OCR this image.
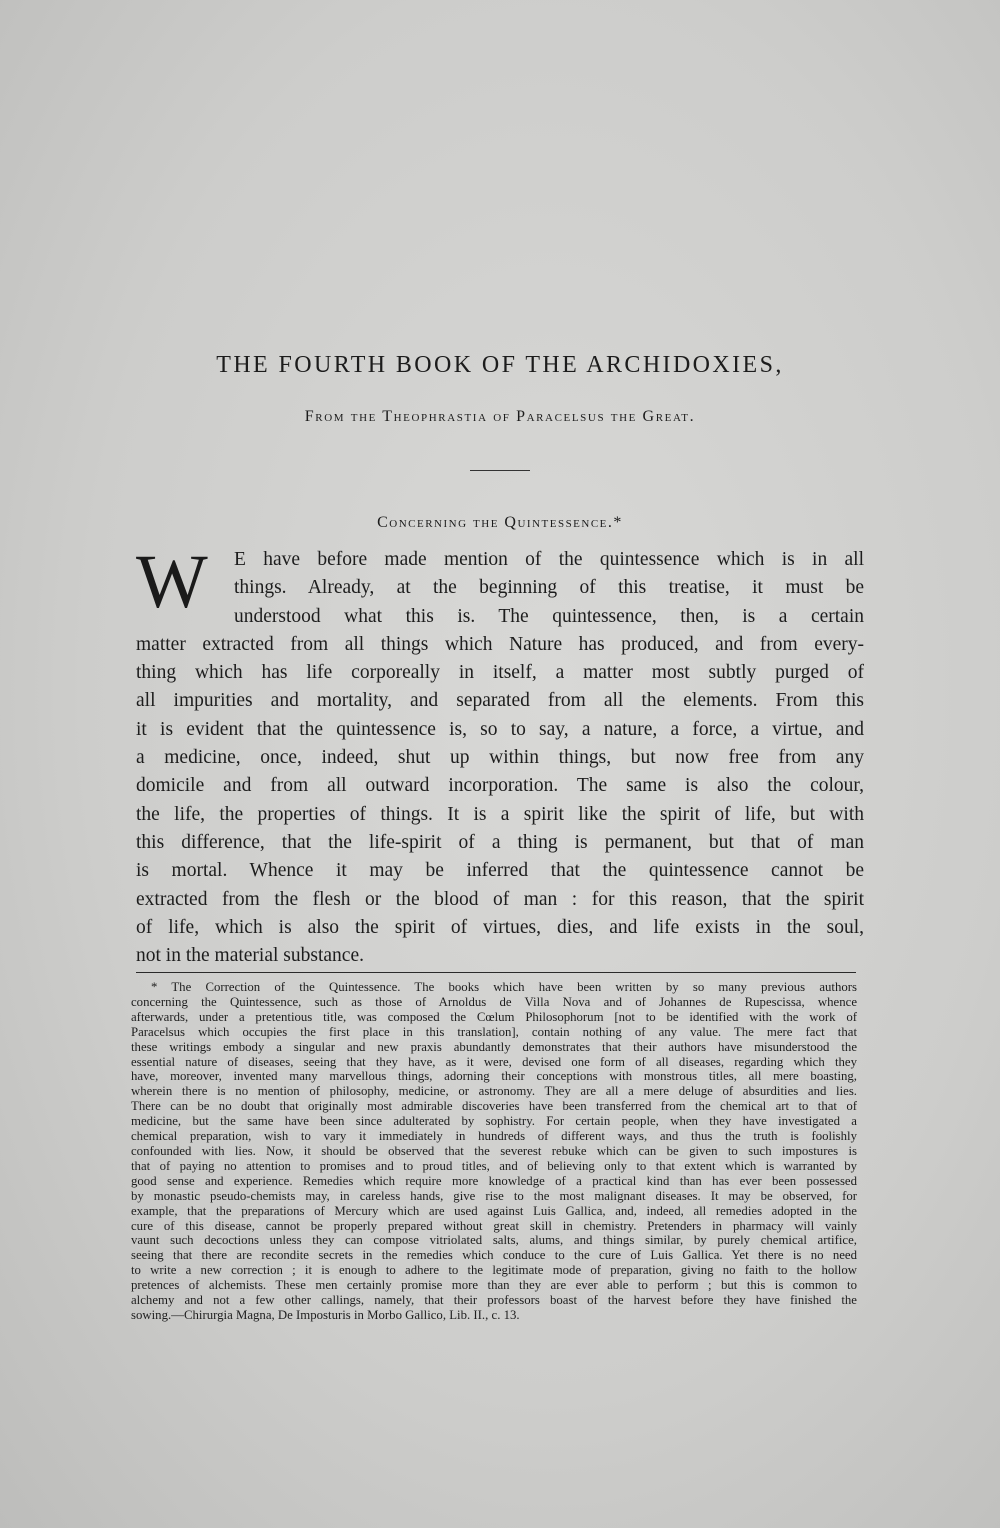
THE FOURTH BOOK OF THE ARCHIDOXIES,
From the Theophrastia of Paracelsus the Great.
Concerning the Quintessence.*
W	E have before made mention of the quintessence which is in all
things. Already, at the beginning of this treatise, it must be
understood what this is. The quintessence, then, is a certain
matter extracted from all things which Nature has produced, and from every-
thing which has life corporeally in itself, a matter most subtly purged of
all impurities and mortality, and separated from all the elements. From this
it is evident that the quintessence is, so to say, a nature, a force, a virtue, and
a medicine, once, indeed, shut up within things, but now free from any
domicile and from all outward incorporation. The same is also the colour,
the life, the properties of things. It is a spirit like the spirit of life, but with
this difference, that the life-spirit of a thing is permanent, but that of man
is mortal. Whence it may be inferred that the quintessence cannot be
extracted from the flesh or the blood of man : for this reason, that the spirit
of life, which is also the spirit of virtues, dies, and life exists in the soul,
not in the material substance.
* The Correction of the Quintessence. The books which have been written by so many previous authors
concerning the Quintessence, such as those of Arnoldus de Villa Nova and of Johannes de Rupescissa, whence
afterwards, under a pretentious title, was composed the Cœlum Philosophorum [not to be identified with the work of
Paracelsus which occupies the first place in this translation], contain nothing of any value. The mere fact that
these writings embody a singular and new praxis abundantly demonstrates that their authors have misunderstood the
essential nature of diseases, seeing that they have, as it were, devised one form of all diseases, regarding which they
have, moreover, invented many marvellous things, adorning their conceptions with monstrous titles, all mere boasting,
wherein there is no mention of philosophy, medicine, or astronomy. They are all a mere deluge of absurdities and lies.
There can be no doubt that originally most admirable discoveries have been transferred from the chemical art to that of
medicine, but the same have been since adulterated by sophistry. For certain people, when they have investigated a
chemical preparation, wish to vary it immediately in hundreds of different ways, and thus the truth is foolishly
confounded with lies. Now, it should be observed that the severest rebuke which can be given to such impostures is
that of paying no attention to promises and to proud titles, and of believing only to that extent which is warranted by
good sense and experience. Remedies which require more knowledge of a practical kind than has ever been possessed
by monastic pseudo-chemists may, in careless hands, give rise to the most malignant diseases. It may be observed, for
example, that the preparations of Mercury which are used against Luis Gallica, and, indeed, all remedies adopted in the
cure of this disease, cannot be properly prepared without great skill in chemistry. Pretenders in pharmacy will vainly
vaunt such decoctions unless they can compose vitriolated salts, alums, and things similar, by purely chemical artifice,
seeing that there are recondite secrets in the remedies which conduce to the cure of Luis Gallica. Yet there is no need
to write a new correction ; it is enough to adhere to the legitimate mode of preparation, giving no faith to the hollow
pretences of alchemists. These men certainly promise more than they are ever able to perform ; but this is common to
alchemy and not a few other callings, namely, that their professors boast of the harvest before they have finished the
sowing.—Chirurgia Magna, De Imposturis in Morbo Gallico, Lib. II., c. 13.
